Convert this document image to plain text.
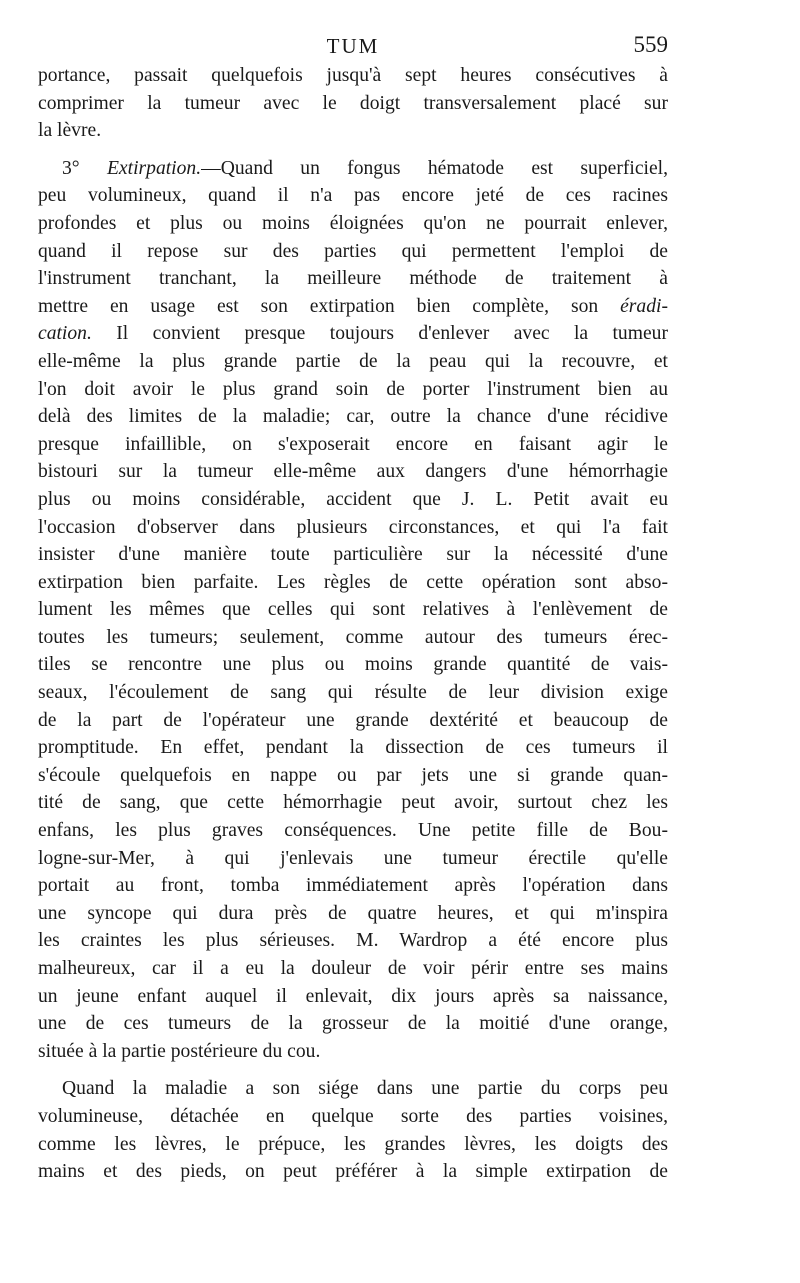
TUM	559
portance, passait quelquefois jusqu'à sept heures consécutives à
comprimer la tumeur avec le doigt transversalement placé sur
la lèvre.
3° Extirpation.—Quand un fongus hématode est superficiel,
peu volumineux, quand il n'a pas encore jeté de ces racines
profondes et plus ou moins éloignées qu'on ne pourrait enlever,
quand il repose sur des parties qui permettent l'emploi de
l'instrument tranchant, la meilleure méthode de traitement à
mettre en usage est son extirpation bien complète, son éradi-
cation. Il convient presque toujours d'enlever avec la tumeur
elle-même la plus grande partie de la peau qui la recouvre, et
l'on doit avoir le plus grand soin de porter l'instrument bien au
delà des limites de la maladie; car, outre la chance d'une récidive
presque infaillible, on s'exposerait encore en faisant agir le
bistouri sur la tumeur elle-même aux dangers d'une hémorrhagie
plus ou moins considérable, accident que J. L. Petit avait eu
l'occasion d'observer dans plusieurs circonstances, et qui l'a fait
insister d'une manière toute particulière sur la nécessité d'une
extirpation bien parfaite. Les règles de cette opération sont abso-
lument les mêmes que celles qui sont relatives à l'enlèvement de
toutes les tumeurs; seulement, comme autour des tumeurs érec-
tiles se rencontre une plus ou moins grande quantité de vais-
seaux, l'écoulement de sang qui résulte de leur division exige
de la part de l'opérateur une grande dextérité et beaucoup de
promptitude. En effet, pendant la dissection de ces tumeurs il
s'écoule quelquefois en nappe ou par jets une si grande quan-
tité de sang, que cette hémorrhagie peut avoir, surtout chez les
enfans, les plus graves conséquences. Une petite fille de Bou-
logne-sur-Mer, à qui j'enlevais une tumeur érectile qu'elle
portait au front, tomba immédiatement après l'opération dans
une syncope qui dura près de quatre heures, et qui m'inspira
les craintes les plus sérieuses. M. Wardrop a été encore plus
malheureux, car il a eu la douleur de voir périr entre ses mains
un jeune enfant auquel il enlevait, dix jours après sa naissance,
une de ces tumeurs de la grosseur de la moitié d'une orange,
située à la partie postérieure du cou.
Quand la maladie a son siége dans une partie du corps peu
volumineuse, détachée en quelque sorte des parties voisines,
comme les lèvres, le prépuce, les grandes lèvres, les doigts des
mains et des pieds, on peut préférer à la simple extirpation de
